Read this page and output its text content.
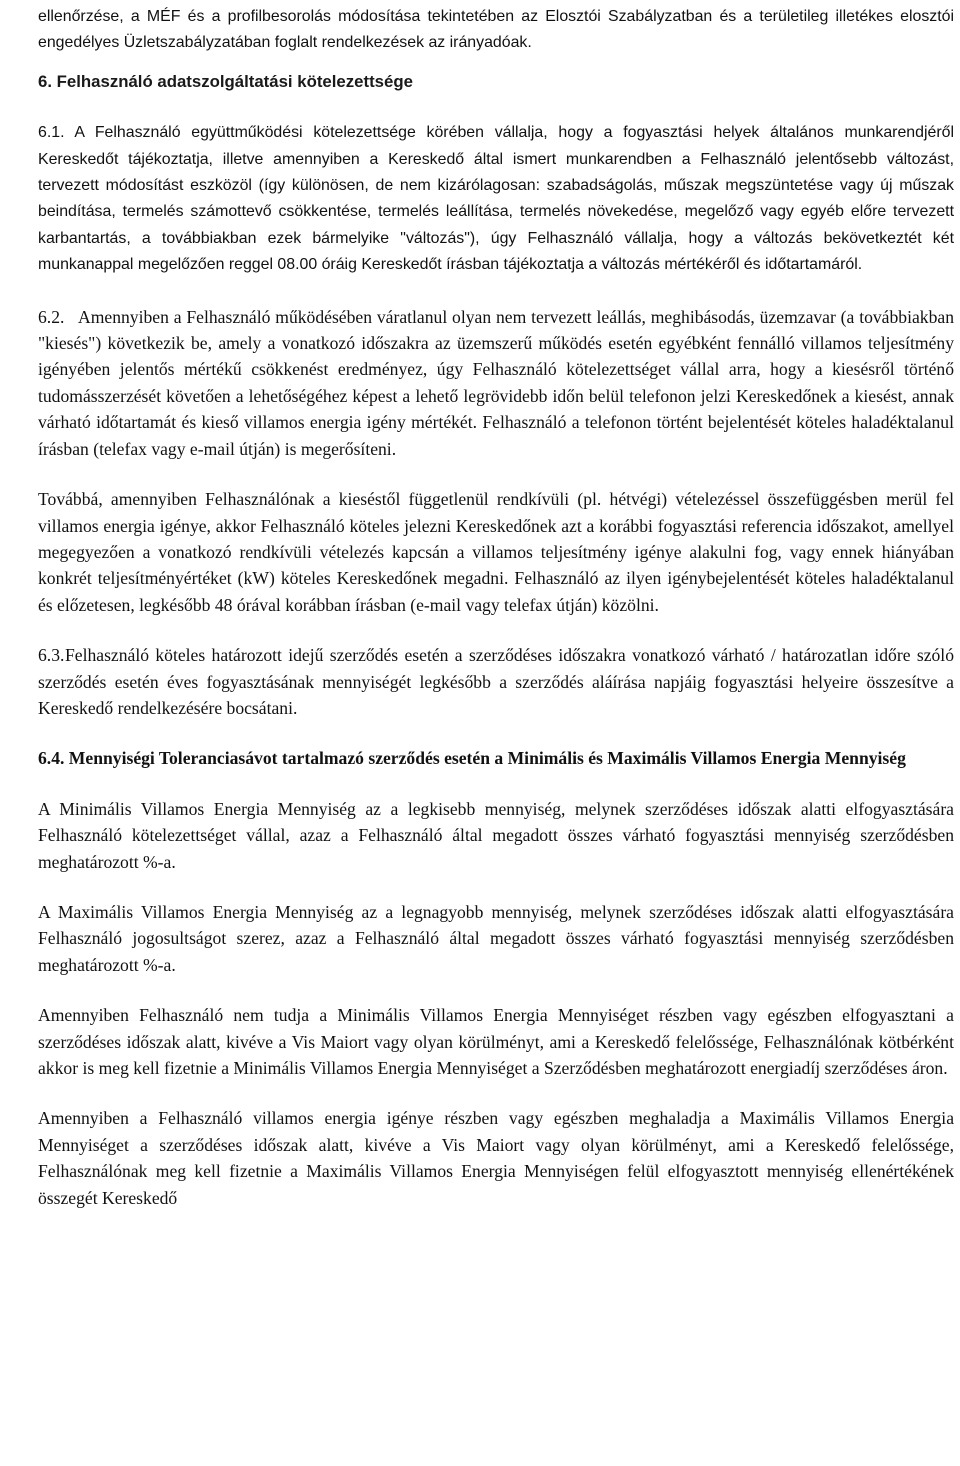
ellenőrzése, a MÉF és a profilbesorolás módosítása tekintetében az Elosztói Szabályzatban és a területileg illetékes elosztói engedélyes Üzletszabályzatában foglalt rendelkezések az irányadóak.

6. Felhasználó adatszolgáltatási kötelezettsége

6.1. A Felhasználó együttműködési kötelezettsége körében vállalja, hogy a fogyasztási helyek általános munkarendjéről Kereskedőt tájékoztatja, illetve amennyiben a Kereskedő által ismert munkarendben a Felhasználó jelentősebb változást, tervezett módosítást eszközöl (így különösen, de nem kizárólagosan: szabadságolás, műszak megszüntetése vagy új műszak beindítása, termelés számottevő csökkentése, termelés leállítása, termelés növekedése, megelőző vagy egyéb előre tervezett karbantartás, a továbbiakban ezek bármelyike "változás"), úgy Felhasználó vállalja, hogy a változás bekövetkeztét két munkanappal megelőzően reggel 08.00 óráig Kereskedőt írásban tájékoztatja a változás mértékéről és időtartamáról.

6.2. Amennyiben a Felhasználó működésében váratlanul olyan nem tervezett leállás, meghibásodás, üzemzavar (a továbbiakban "kiesés") következik be, amely a vonatkozó időszakra az üzemszerű működés esetén egyébként fennálló villamos teljesítmény igényében jelentős mértékű csökkenést eredményez, úgy Felhasználó kötelezettséget vállal arra, hogy a kiesésről történő tudomásszerzését követően a lehetőségéhez képest a lehető legrövidebb időn belül telefonon jelzi Kereskedőnek a kiesést, annak várható időtartamát és kieső villamos energia igény mértékét. Felhasználó a telefonon történt bejelentését köteles haladéktalanul írásban (telefax vagy e-mail útján) is megerősíteni.

Továbbá, amennyiben Felhasználónak a kieséstől függetlenül rendkívüli (pl. hétvégi) vételezéssel összefüggésben merül fel villamos energia igénye, akkor Felhasználó köteles jelezni Kereskedőnek azt a korábbi fogyasztási referencia időszakot, amellyel megegyezően a vonatkozó rendkívüli vételezés kapcsán a villamos teljesítmény igénye alakulni fog, vagy ennek hiányában konkrét teljesítményértéket (kW) köteles Kereskedőnek megadni. Felhasználó az ilyen igénybejelentését köteles haladéktalanul és előzetesen, legkésőbb 48 órával korábban írásban (e-mail vagy telefax útján) közölni.

6.3.Felhasználó köteles határozott idejű szerződés esetén a szerződéses időszakra vonatkozó várható / határozatlan időre szóló szerződés esetén éves fogyasztásának mennyiségét legkésőbb a szerződés aláírása napjáig fogyasztási helyeire összesítve a Kereskedő rendelkezésére bocsátani.

6.4. Mennyiségi Toleranciasávot tartalmazó szerződés esetén a Minimális és Maximális Villamos Energia Mennyiség

A Minimális Villamos Energia Mennyiség az a legkisebb mennyiség, melynek szerződéses időszak alatti elfogyasztására Felhasználó kötelezettséget vállal, azaz a Felhasználó által megadott összes várható fogyasztási mennyiség szerződésben meghatározott %-a.

A Maximális Villamos Energia Mennyiség az a legnagyobb mennyiség, melynek szerződéses időszak alatti elfogyasztására Felhasználó jogosultságot szerez, azaz a Felhasználó által megadott összes várható fogyasztási mennyiség szerződésben meghatározott %-a.

Amennyiben Felhasználó nem tudja a Minimális Villamos Energia Mennyiséget részben vagy egészben elfogyasztani a szerződéses időszak alatt, kivéve a Vis Maiort vagy olyan körülményt, ami a Kereskedő felelőssége, Felhasználónak kötbérként akkor is meg kell fizetnie a Minimális Villamos Energia Mennyiséget a Szerződésben meghatározott energiadíj szerződéses áron.

Amennyiben a Felhasználó villamos energia igénye részben vagy egészben meghaladja a Maximális Villamos Energia Mennyiséget a szerződéses időszak alatt, kivéve a Vis Maiort vagy olyan körülményt, ami a Kereskedő felelőssége, Felhasználónak meg kell fizetnie a Maximális Villamos Energia Mennyiségen felül elfogyasztott mennyiség ellenértékének összegét Kereskedő
